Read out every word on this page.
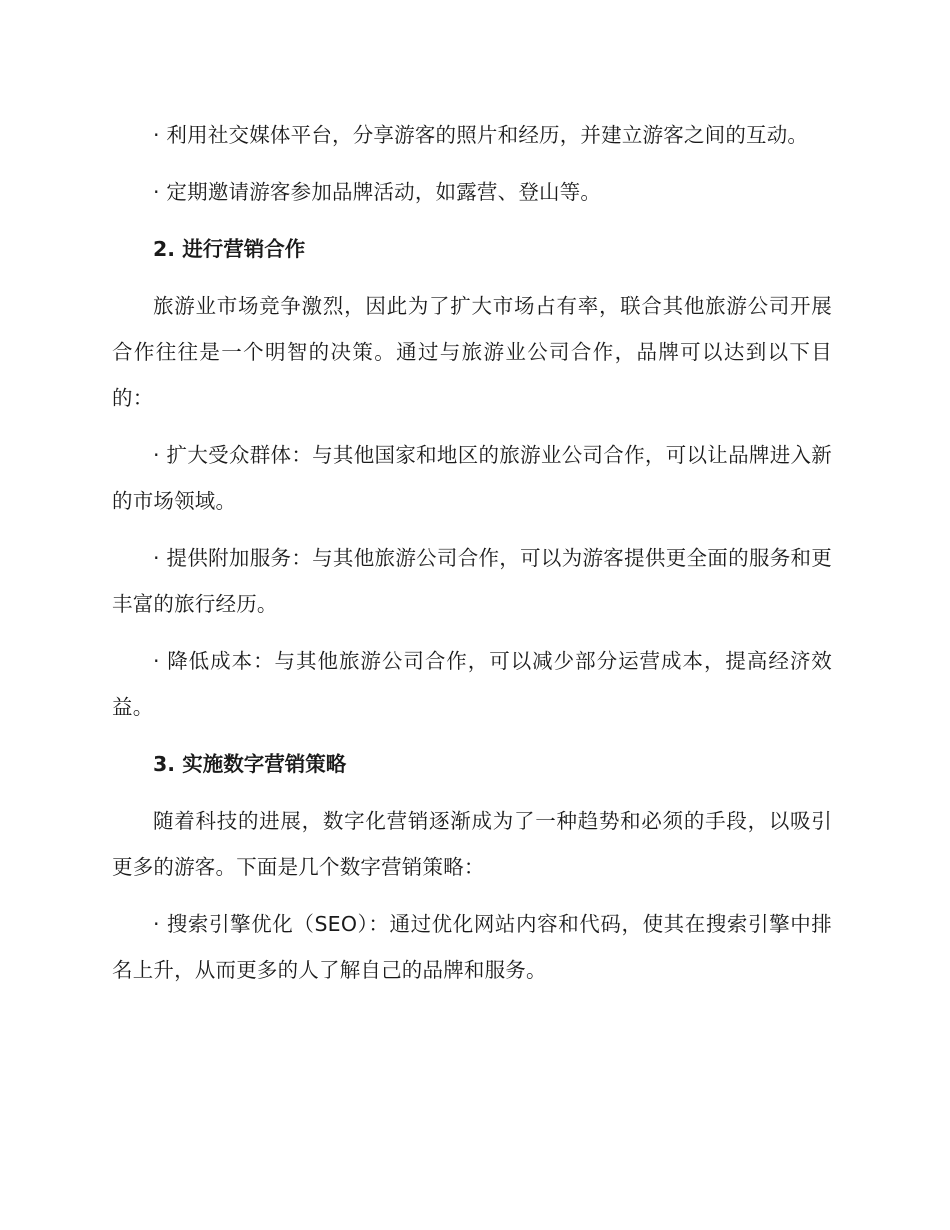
· 利用社交媒体平台，分享游客的照片和经历，并建立游客之间的互动。

· 定期邀请游客参加品牌活动，如露营、登山等。

2. 进行营销合作

旅游业市场竞争激烈，因此为了扩大市场占有率，联合其他旅游公司开展合作往往是一个明智的决策。通过与旅游业公司合作，品牌可以达到以下目的：

· 扩大受众群体：与其他国家和地区的旅游业公司合作，可以让品牌进入新的市场领域。

· 提供附加服务：与其他旅游公司合作，可以为游客提供更全面的服务和更丰富的旅行经历。

· 降低成本：与其他旅游公司合作，可以减少部分运营成本，提高经济效益。

3. 实施数字营销策略

随着科技的进展，数字化营销逐渐成为了一种趋势和必须的手段，以吸引更多的游客。下面是几个数字营销策略：

· 搜索引擎优化（SEO）：通过优化网站内容和代码，使其在搜索引擎中排名上升，从而更多的人了解自己的品牌和服务。
